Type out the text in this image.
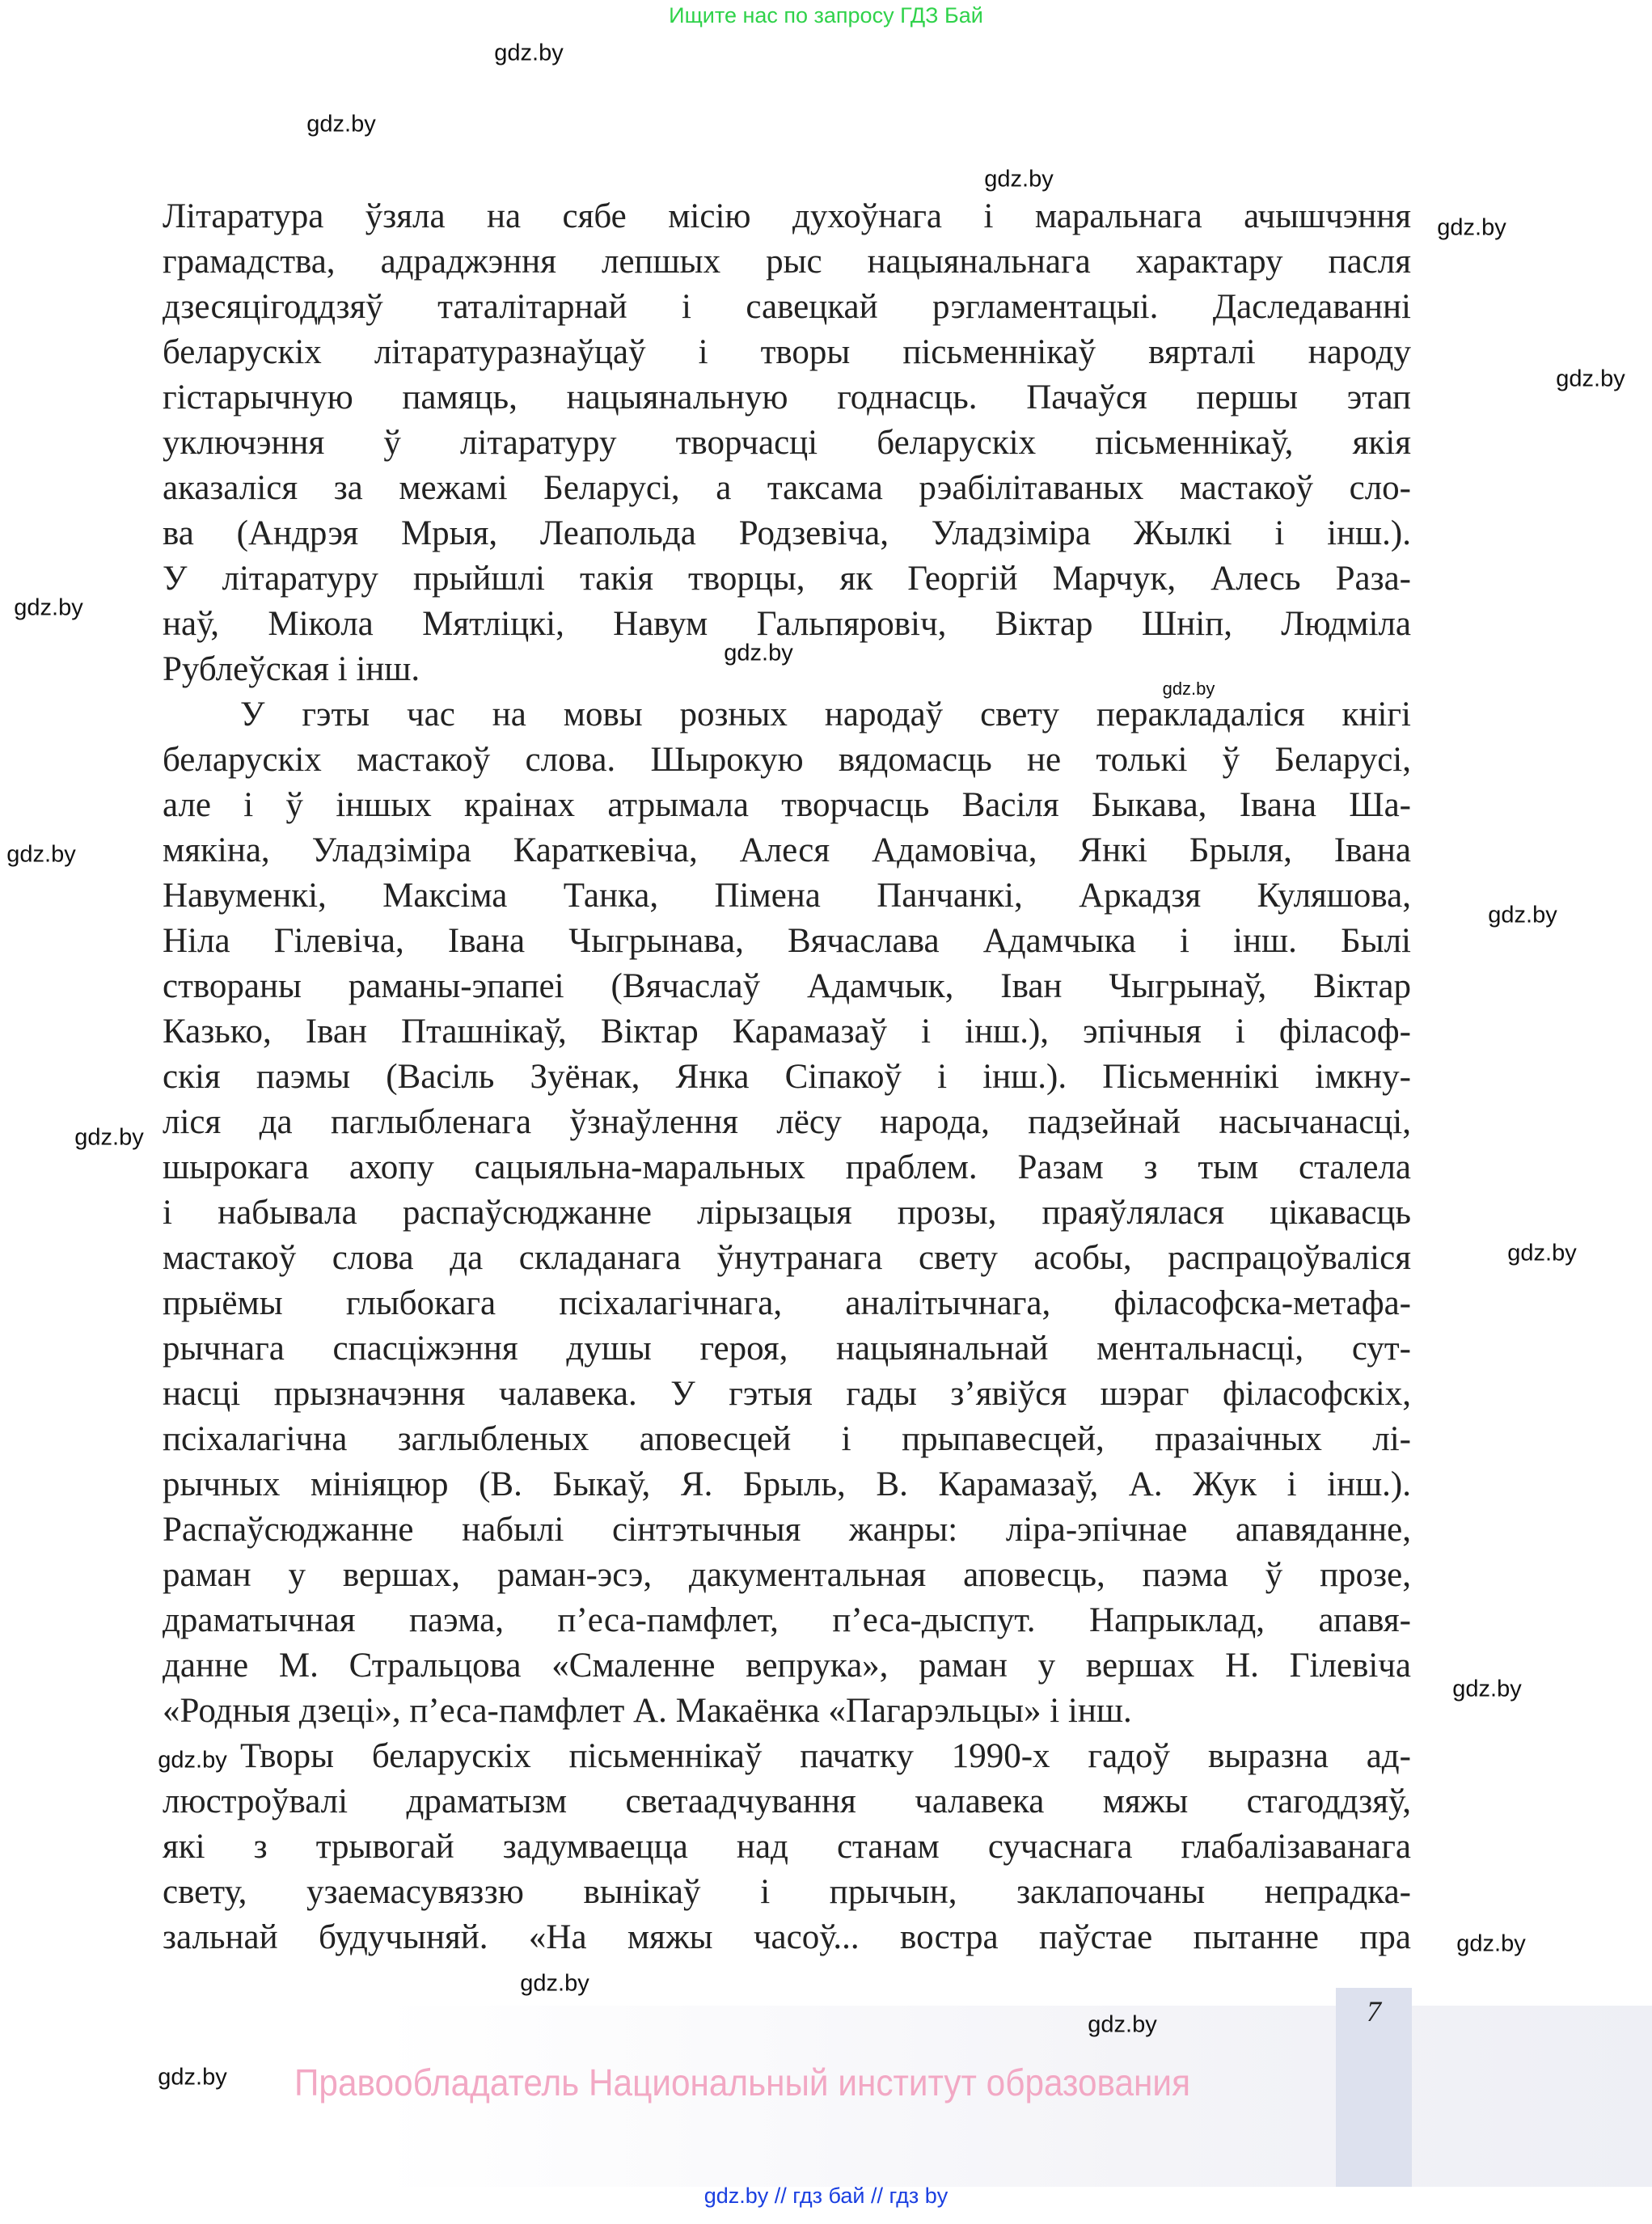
Ищите нас по запросу ГДЗ Бай
Літаратура ўзяла на сябе місію духоўнага і маральнага ачышчэння
грамадства, адраджэння лепшых рыс нацыянальнага характару пасля
дзесяцігоддзяў таталітарнай і савецкай рэгламентацыі. Даследаванні
беларускіх літаратуразнаўцаў і творы пісьменнікаў вярталі народу
гістарычную памяць, нацыянальную годнасць. Пачаўся першы этап
уключэння ў літаратуру творчасці беларускіх пісьменнікаў, якія
аказаліся за межамі Беларусі, а таксама рэабілітаваных мастакоў сло-
ва (Андрэя Мрыя, Леапольда Родзевіча, Уладзіміра Жылкі і інш.).
У літаратуру прыйшлі такія творцы, як Георгій Марчук, Алесь Раза-
наў, Мікола Мятліцкі, Навум Гальпяровіч, Віктар Шніп, Людміла
Рублеўская і інш.
У гэты час на мовы розных народаў свету перакладаліся кнігі
беларускіх мастакоў слова. Шырокую вядомасць не толькі ў Беларусі,
але і ў іншых краінах атрымала творчасць Васіля Быкава, Івана Ша-
мякіна, Уладзіміра Караткевіча, Алеся Адамовіча, Янкі Брыля, Івана
Навуменкі, Максіма Танка, Пімена Панчанкі, Аркадзя Куляшова,
Ніла Гілевіча, Івана Чыгрынава, Вячаслава Адамчыка і інш. Былі
створаны раманы-эпапеі (Вячаслаў Адамчык, Іван Чыгрынаў, Віктар
Казько, Іван Пташнікаў, Віктар Карамазаў і інш.), эпічныя і філасоф-
скія паэмы (Васіль Зуёнак, Янка Сіпакоў і інш.). Пісьменнікі імкну-
ліся да паглыбленага ўзнаўлення лёсу народа, падзейнай насычанасці,
шырокага ахопу сацыяльна-маральных праблем. Разам з тым сталела
і набывала распаўсюджанне лірызацыя прозы, праяўлялася цікавасць
мастакоў слова да складанага ўнутранага свету асобы, распрацоўваліся
прыёмы глыбокага псіхалагічнага, аналітычнага, філасофска-метафа-
рычнага спасціжэння душы героя, нацыянальнай ментальнасці, сут-
насці прызначэння чалавека. У гэтыя гады з’явіўся шэраг філасофскіх,
псіхалагічна заглыбленых аповесцей і прыпавесцей, празаічных лі-
рычных мініяцюр (В. Быкаў, Я. Брыль, В. Карамазаў, А. Жук і інш.).
Распаўсюджанне набылі сінтэтычныя жанры: ліра-эпічнае апавяданне,
раман у вершах, раман-эсэ, дакументальная аповесць, паэма ў прозе,
драматычная паэма, п’еса-памфлет, п’еса-дыспут. Напрыклад, апавя-
данне М. Стральцова «Смаленне вепрука», раман у вершах Н. Гілевіча
«Родныя дзеці», п’еса-памфлет А. Макаёнка «Пагарэльцы» і інш.
Творы беларускіх пісьменнікаў пачатку 1990-х гадоў выразна ад-
люстроўвалі драматызм светаадчування чалавека мяжы стагоддзяў,
які з трывогай задумваецца над станам сучаснага глабалізаванага
свету, узаемасувяззю вынікаў і прычын, заклапочаны непрадка-
зальнай будучыняй. «На мяжы часоў... востра паўстае пытанне пра
7
Правообладатель Национальный институт образования
gdz.by // гдз бай // гдз by
gdz.by
gdz.by
gdz.by
gdz.by
gdz.by
gdz.by
gdz.by
gdz.by
gdz.by
gdz.by
gdz.by
gdz.by
gdz.by
gdz.by
gdz.by
gdz.by
gdz.by
gdz.by
